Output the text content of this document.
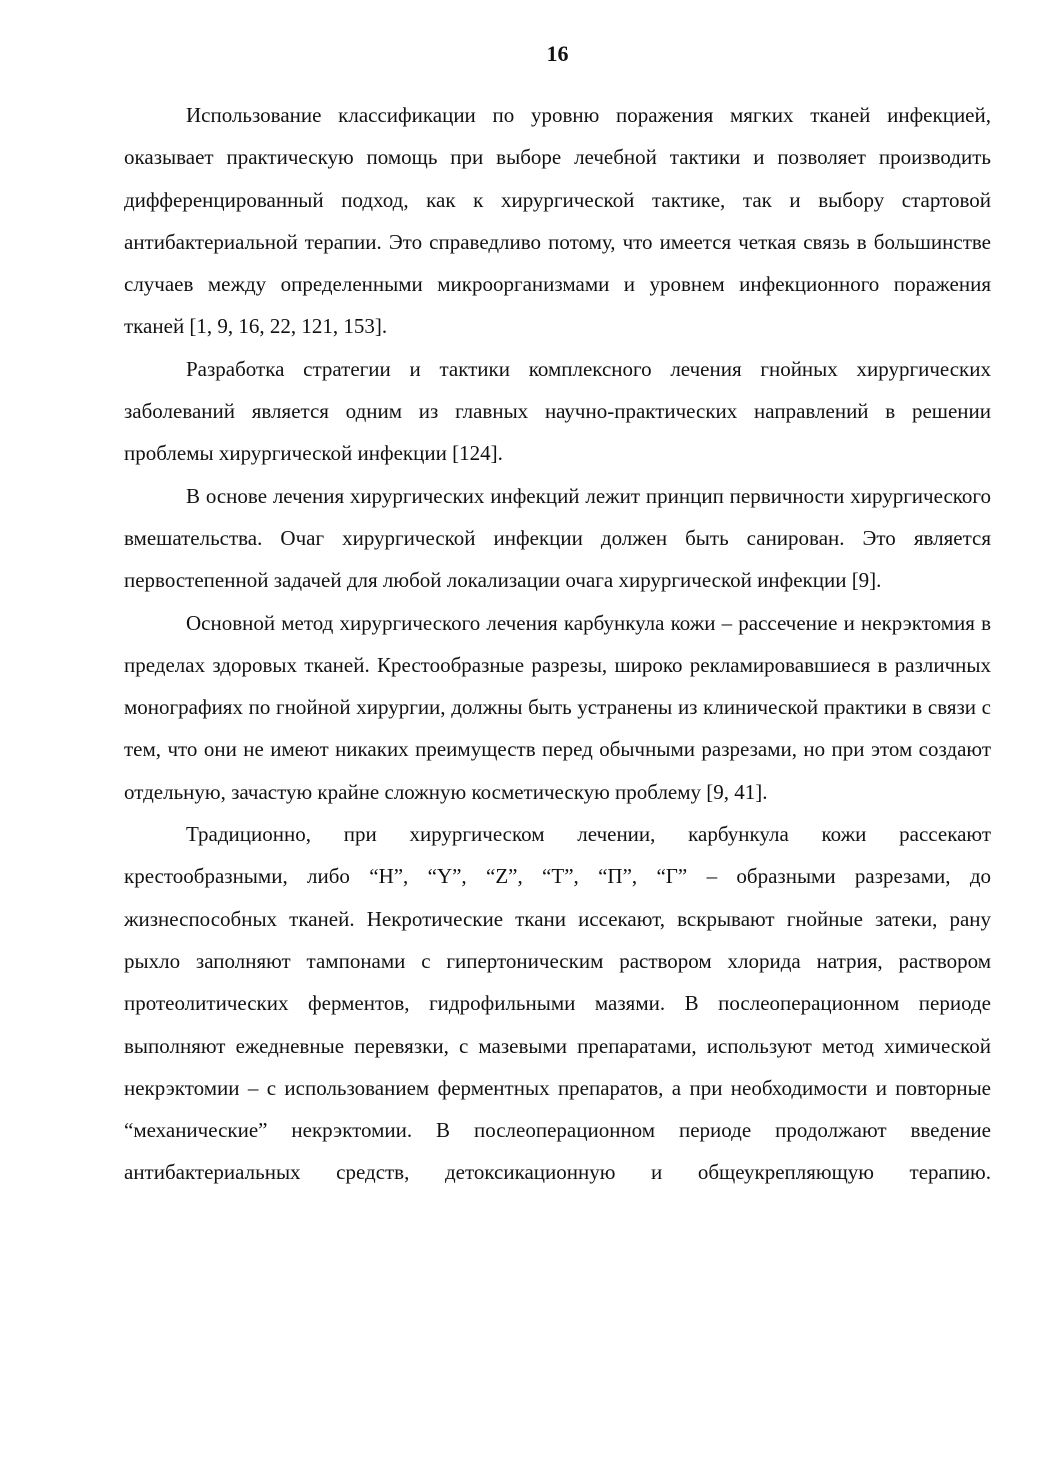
16

Использование классификации по уровню поражения мягких тканей инфекцией, оказывает практическую помощь при выборе лечебной тактики и позволяет производить дифференцированный подход, как к хирургической тактике, так и выбору стартовой антибактериальной терапии. Это справедливо потому, что имеется четкая связь в большинстве случаев между определенными микроорганизмами и уровнем инфекционного поражения тканей [1, 9, 16, 22, 121, 153].

Разработка стратегии и тактики комплексного лечения гнойных хирургических заболеваний является одним из главных научно-практических направлений в решении проблемы хирургической инфекции [124].

В основе лечения хирургических инфекций лежит принцип первичности хирургического вмешательства. Очаг хирургической инфекции должен быть санирован. Это является первостепенной задачей для любой локализации очага хирургической инфекции [9].

Основной метод хирургического лечения карбункула кожи – рассечение и некрэктомия в пределах здоровых тканей. Крестообразные разрезы, широко рекламировавшиеся в различных монографиях по гнойной хирургии, должны быть устранены из клинической практики в связи с тем, что они не имеют никаких преимуществ перед обычными разрезами, но при этом создают отдельную, зачастую крайне сложную косметическую проблему [9, 41].

Традиционно, при хирургическом лечении, карбункула кожи рассекают крестообразными, либо “Н”, “Y”, “Z”, “Т”, “П”, “Г” – образными разрезами, до жизнеспособных тканей. Некротические ткани иссекают, вскрывают гнойные затеки, рану рыхло заполняют тампонами с гипертоническим раствором хлорида натрия, раствором протеолитических ферментов, гидрофильными мазями. В послеоперационном периоде выполняют ежедневные перевязки, с мазевыми препаратами, используют метод химической некрэктомии – с использованием ферментных препаратов, а при необходимости и повторные “механические” некрэктомии. В послеоперационном периоде продолжают введение антибактериальных средств, детоксикационную и общеукрепляющую терапию.
